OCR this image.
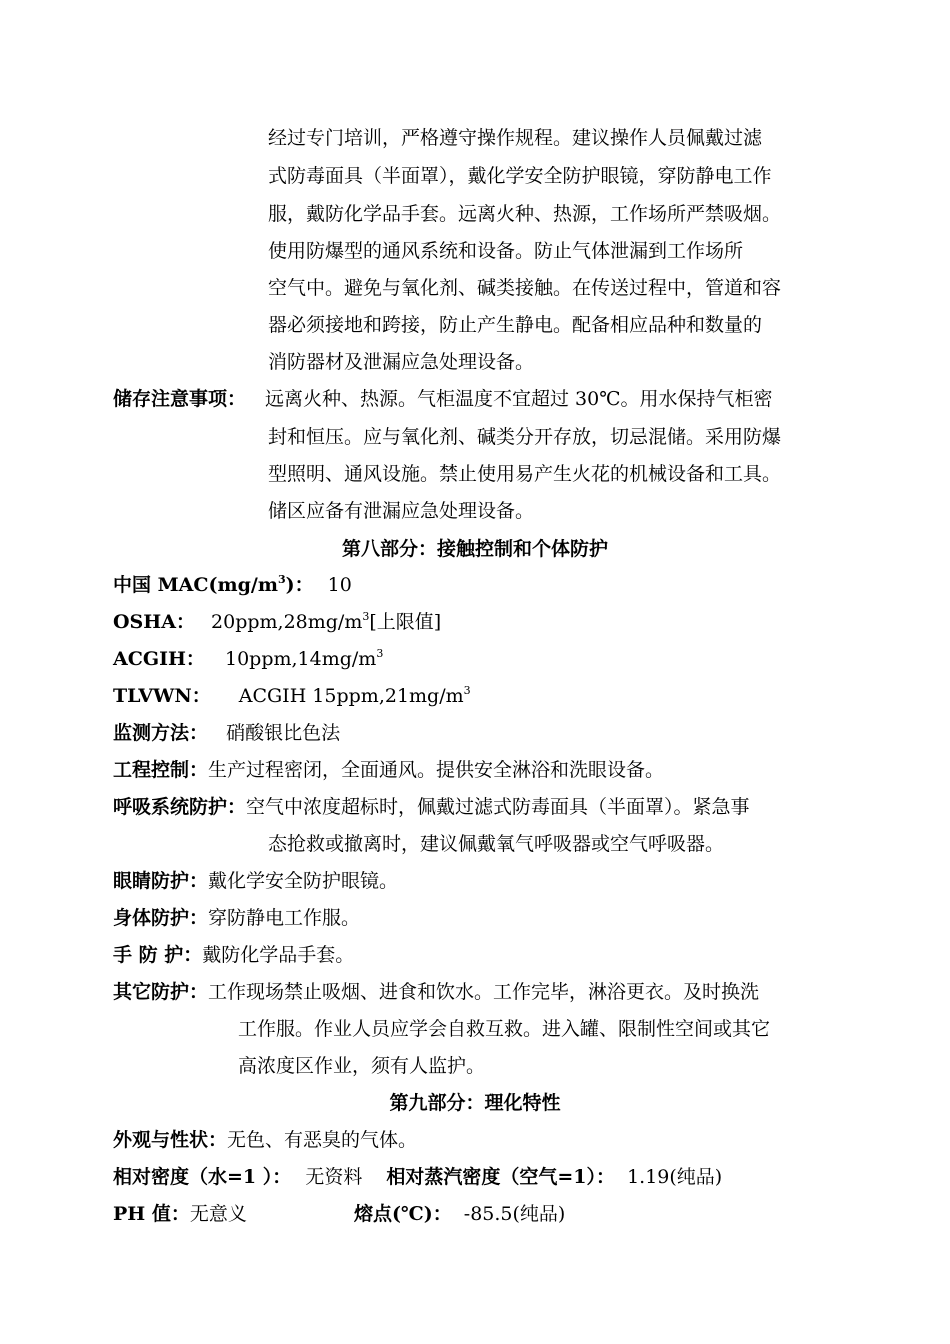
经过专门培训，严格遵守操作规程。建议操作人员佩戴过滤
式防毒面具（半面罩），戴化学安全防护眼镜，穿防静电工作
服，戴防化学品手套。远离火种、热源，工作场所严禁吸烟。
使用防爆型的通风系统和设备。防止气体泄漏到工作场所
空气中。避免与氧化剂、碱类接触。在传送过程中，管道和容
器必须接地和跨接，防止产生静电。配备相应品种和数量的
消防器材及泄漏应急处理设备。
储存注意事项： 远离火种、热源。气柜温度不宜超过 30℃。用水保持气柜密
封和恒压。应与氧化剂、碱类分开存放，切忌混储。采用防爆
型照明、通风设施。禁止使用易产生火花的机械设备和工具。
储区应备有泄漏应急处理设备。
第八部分：接触控制和个体防护
中国 $MAC(mg/m^3)$： 10
OSHA： $20ppm,28mg/m^3$[上限值]
ACGIH： $10ppm,14mg/m^3$
TLVWN： ACGIH $15ppm,21mg/m^3$
监测方法： 硝酸银比色法
工程控制：生产过程密闭，全面通风。提供安全淋浴和洗眼设备。
呼吸系统防护：空气中浓度超标时，佩戴过滤式防毒面具（半面罩）。紧急事
态抢救或撤离时，建议佩戴氧气呼吸器或空气呼吸器。
眼睛防护：戴化学安全防护眼镜。
身体防护：穿防静电工作服。
手 防 护：戴防化学品手套。
其它防护：工作现场禁止吸烟、进食和饮水。工作完毕，淋浴更衣。及时换洗
工作服。作业人员应学会自救互救。进入罐、限制性空间或其它
高浓度区作业，须有人监护。
第九部分：理化特性
外观与性状：无色、有恶臭的气体。
相对密度（水=1 ）： 无资料 相对蒸汽密度（空气=1）： 1.19(纯品)
PH 值：无意义	熔点(℃)： -85.5(纯品)
